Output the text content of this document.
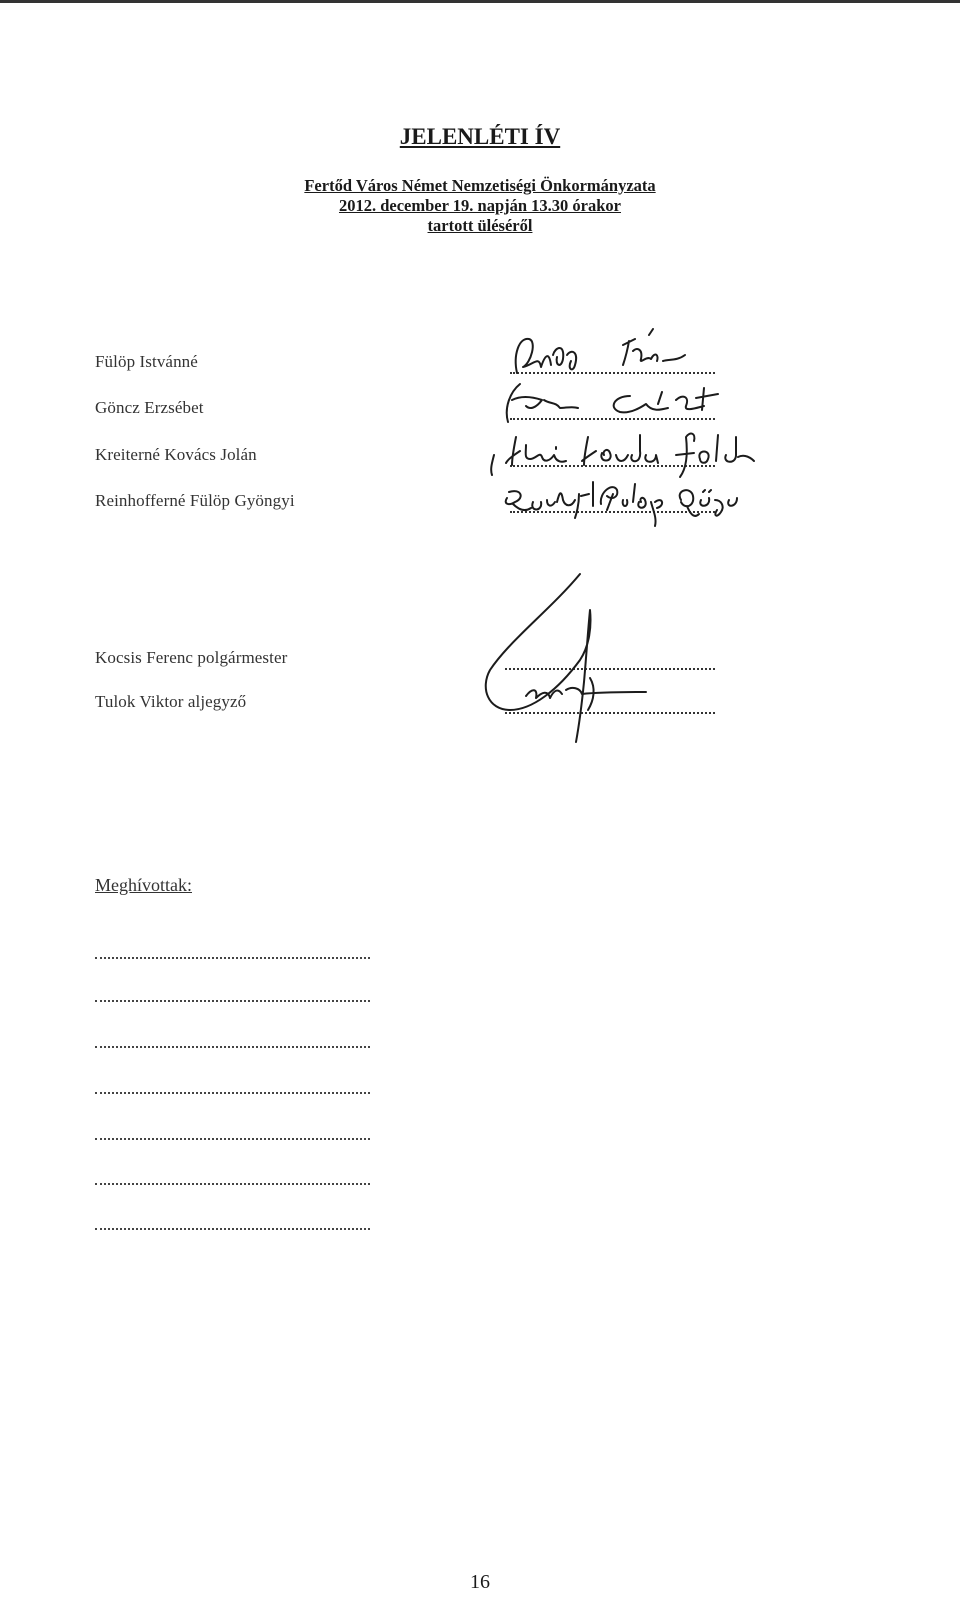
JELENLÉTI ÍV
Fertőd Város Német Nemzetiségi Önkormányzata
2012. december 19. napján 13.30 órakor
tartott üléséről
Fülöp Istvánné
Göncz Erzsébet
Kreiterné Kovács Jolán
Reinhofferné Fülöp Gyöngyi
Kocsis Ferenc polgármester
Tulok Viktor aljegyző
Meghívottak:
16
